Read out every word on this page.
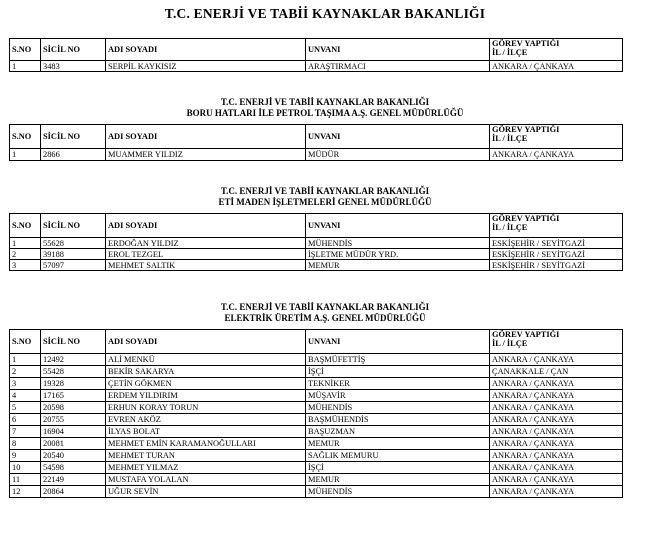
T.C. ENERJİ VE TABİİ KAYNAKLAR BAKANLIĞI
S.NO	SİCİL NO	ADI SOYADI	UNVANI	GÖREV YAPTIĞI
İL / İLÇE
1	3483	SERPİL KAYKISIZ	ARAŞTIRMACI	ANKARA / ÇANKAYA
T.C. ENERJİ VE TABİİ KAYNAKLAR BAKANLIĞI
BORU HATLARI İLE PETROL TAŞIMA A.Ş. GENEL MÜDÜRLÜĞÜ
S.NO	SİCİL NO	ADI SOYADI	UNVANI	GÖREV YAPTIĞI
İL / İLÇE
1	2866	MUAMMER YILDIZ	MÜDÜR	ANKARA / ÇANKAYA
T.C. ENERJİ VE TABİİ KAYNAKLAR BAKANLIĞI
ETİ MADEN İŞLETMELERİ GENEL MÜDÜRLÜĞÜ
S.NO	SİCİL NO	ADI SOYADI	UNVANI	GÖREV YAPTIĞI
İL / İLÇE
1	55628	ERDOĞAN YILDIZ	MÜHENDİS	ESKİŞEHİR / SEYİTGAZİ
2	39188	EROL TEZGEL	İŞLETME MÜDÜR YRD.	ESKİŞEHİR / SEYİTGAZİ
3	57097	MEHMET SALTIK	MEMUR	ESKİŞEHİR / SEYİTGAZİ
T.C. ENERJİ VE TABİİ KAYNAKLAR BAKANLIĞI
ELEKTRİK ÜRETİM A.Ş. GENEL MÜDÜRLÜĞÜ
S.NO	SİCİL NO	ADI SOYADI	UNVANI	GÖREV YAPTIĞI
İL / İLÇE
1	12492	ALİ MENKÜ	BAŞMÜFETTİŞ	ANKARA / ÇANKAYA
2	55428	BEKİR SAKARYA	İŞÇİ	ÇANAKKALE / ÇAN
3	19328	ÇETİN GÖKMEN	TEKNİKER	ANKARA / ÇANKAYA
4	17165	ERDEM YILDIRIM	MÜŞAVİR	ANKARA / ÇANKAYA
5	20598	ERHUN KORAY TORUN	MÜHENDİS	ANKARA / ÇANKAYA
6	20755	EVREN AKÖZ	BAŞMÜHENDİS	ANKARA / ÇANKAYA
7	16904	İLYAS BOLAT	BAŞUZMAN	ANKARA / ÇANKAYA
8	20081	MEHMET EMİN KARAMANOĞULLARI	MEMUR	ANKARA / ÇANKAYA
9	20540	MEHMET TURAN	SAĞLIK MEMURU	ANKARA / ÇANKAYA
10	54598	MEHMET YILMAZ	İŞÇİ	ANKARA / ÇANKAYA
11	22149	MUSTAFA YOLALAN	MEMUR	ANKARA / ÇANKAYA
12	20864	UĞUR SEVİN	MÜHENDİS	ANKARA / ÇANKAYA
